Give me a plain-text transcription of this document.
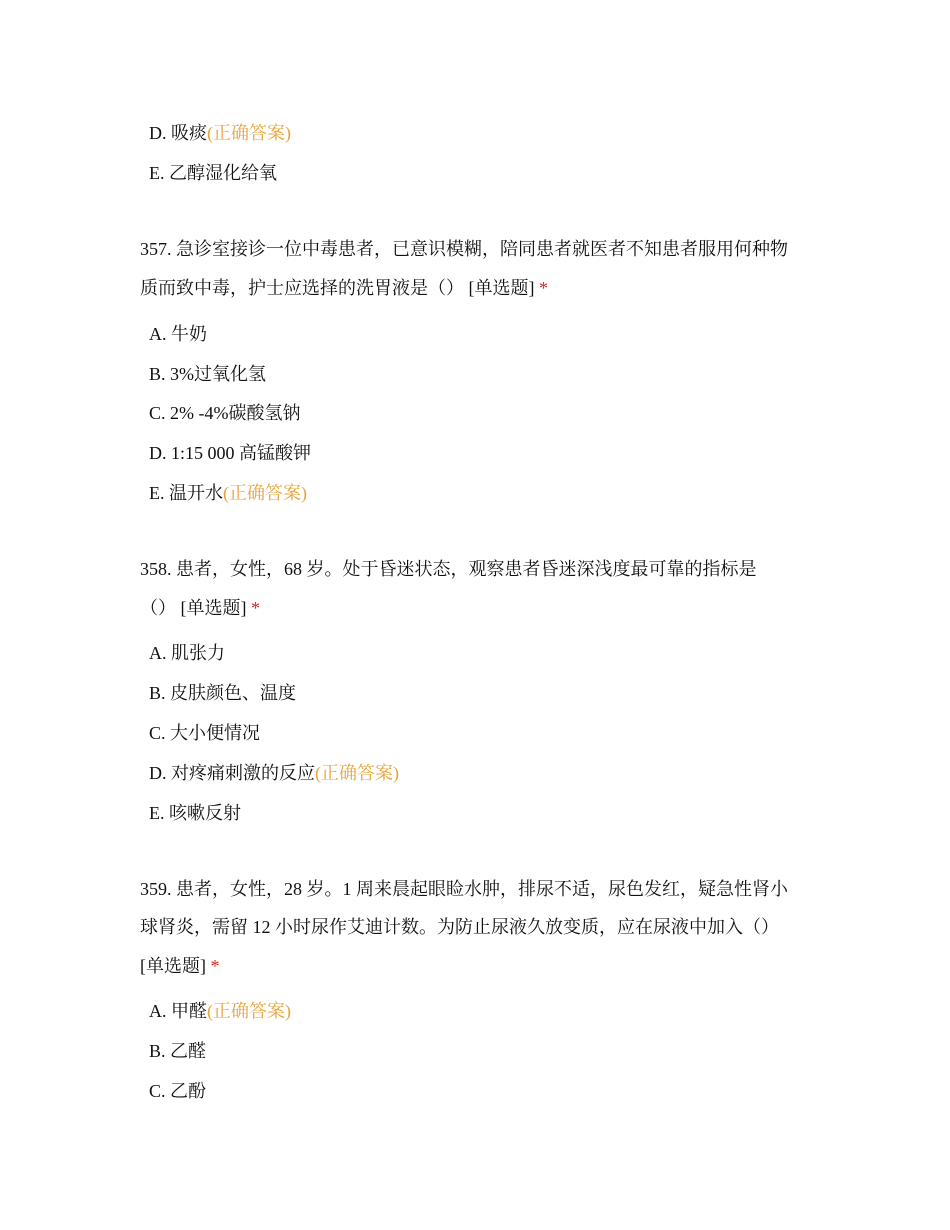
D. 吸痰(正确答案)
E. 乙醇湿化给氧
357. 急诊室接诊一位中毒患者，已意识模糊，陪同患者就医者不知患者服用何种物
质而致中毒，护士应选择的洗胃液是（） [单选题] *
A. 牛奶
B. 3%过氧化氢
C. 2% -4%碳酸氢钠
D. 1:15 000 高锰酸钾
E. 温开水(正确答案)
358. 患者，女性，68 岁。处于昏迷状态，观察患者昏迷深浅度最可靠的指标是
（） [单选题] *
A. 肌张力
B. 皮肤颜色、温度
C. 大小便情况
D. 对疼痛刺激的反应(正确答案)
E. 咳嗽反射
359. 患者，女性，28 岁。1 周来晨起眼睑水肿，排尿不适，尿色发红，疑急性肾小
球肾炎，需留 12 小时尿作艾迪计数。为防止尿液久放变质，应在尿液中加入（）
[单选题] *
A. 甲醛(正确答案)
B. 乙醛
C. 乙酚
